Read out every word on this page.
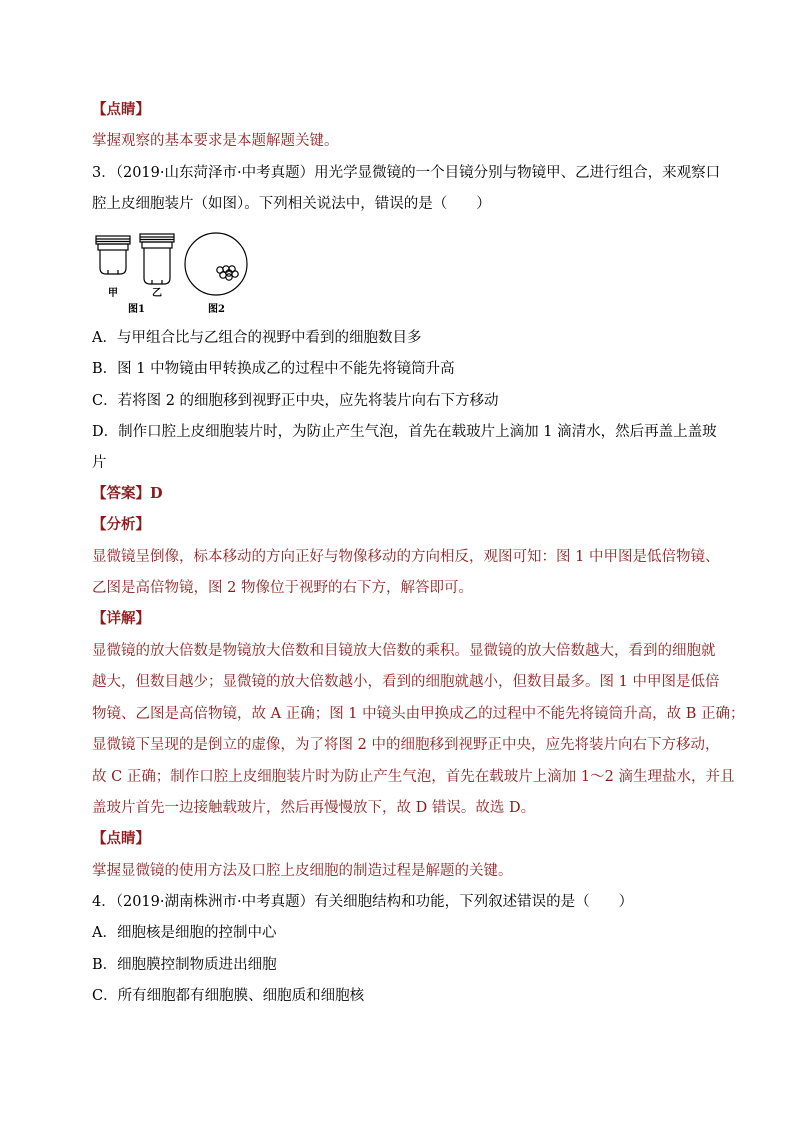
【点睛】
掌握观察的基本要求是本题解题关键。
3．（2019·山东菏泽市·中考真题）用光学显微镜的一个目镜分别与物镜甲、乙进行组合，来观察口
腔上皮细胞装片（如图）。下列相关说法中，错误的是（　　）
甲	乙
图1	图2
A．与甲组合比与乙组合的视野中看到的细胞数目多
B．图 1 中物镜由甲转换成乙的过程中不能先将镜筒升高
C．若将图 2 的细胞移到视野正中央，应先将装片向右下方移动
D．制作口腔上皮细胞装片时，为防止产生气泡，首先在载玻片上滴加 1 滴清水，然后再盖上盖玻
片
【答案】D
【分析】
显微镜呈倒像，标本移动的方向正好与物像移动的方向相反，观图可知：图 1 中甲图是低倍物镜、
乙图是高倍物镜，图 2 物像位于视野的右下方，解答即可。
【详解】
显微镜的放大倍数是物镜放大倍数和目镜放大倍数的乘积。显微镜的放大倍数越大，看到的细胞就
越大，但数目越少；显微镜的放大倍数越小，看到的细胞就越小，但数目最多。图 1 中甲图是低倍
物镜、乙图是高倍物镜，故 A 正确；图 1 中镜头由甲换成乙的过程中不能先将镜筒升高，故 B 正确；
显微镜下呈现的是倒立的虚像，为了将图 2 中的细胞移到视野正中央，应先将装片向右下方移动，
故 C 正确；制作口腔上皮细胞装片时为防止产生气泡，首先在载玻片上滴加 1～2 滴生理盐水，并且
盖玻片首先一边接触载玻片，然后再慢慢放下，故 D 错误。故选 D。
【点睛】
掌握显微镜的使用方法及口腔上皮细胞的制造过程是解题的关键。
4．（2019·湖南株洲市·中考真题）有关细胞结构和功能，下列叙述错误的是（　　）
A．细胞核是细胞的控制中心
B．细胞膜控制物质进出细胞
C．所有细胞都有细胞膜、细胞质和细胞核
